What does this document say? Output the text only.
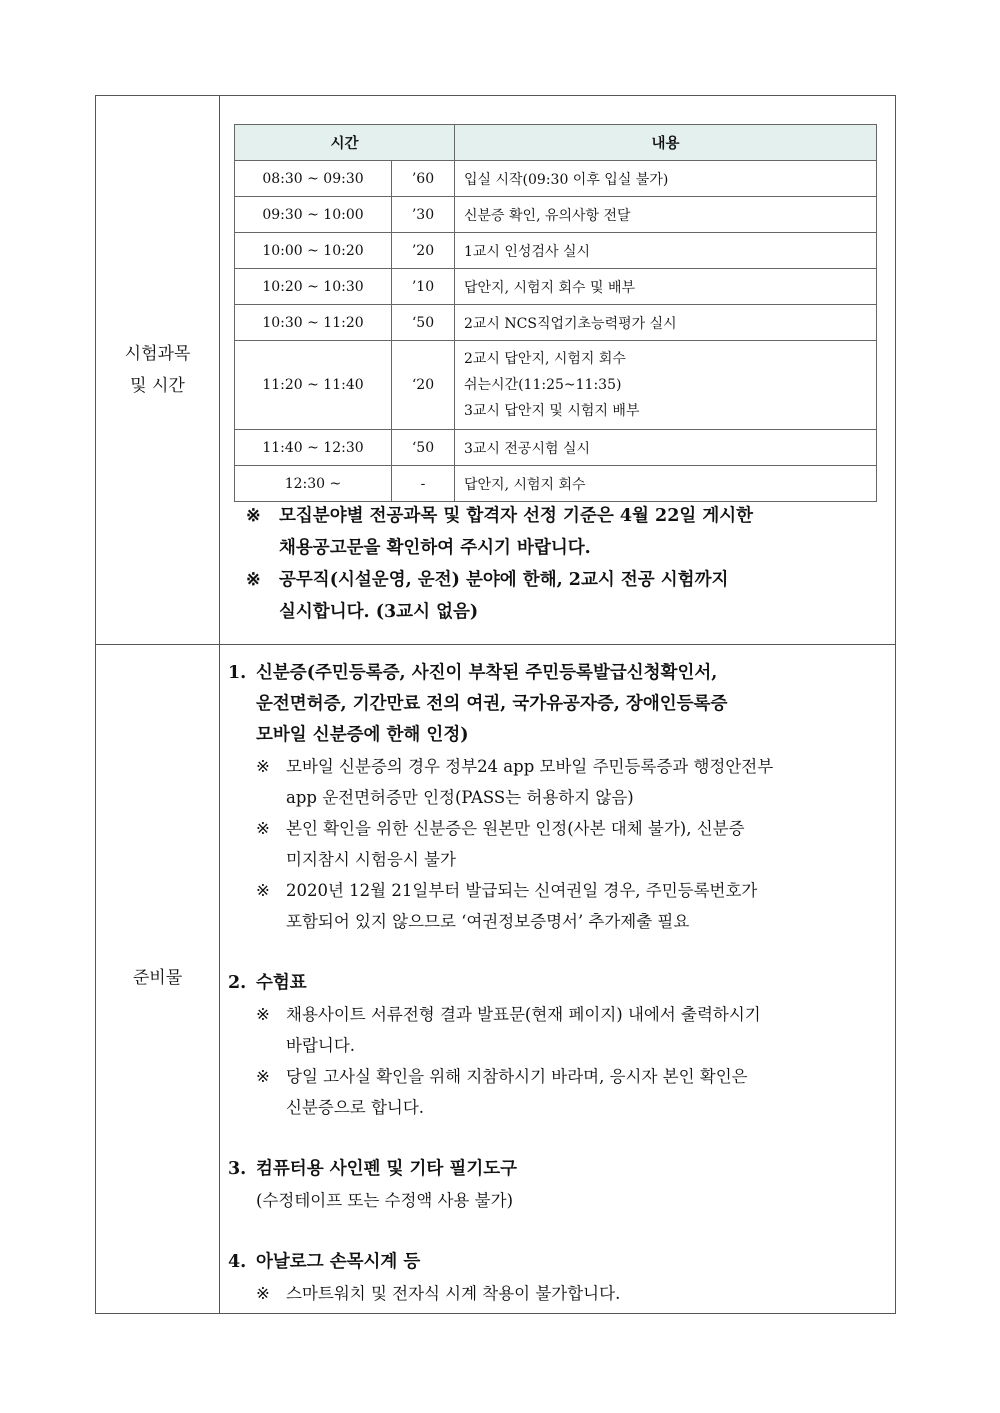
시험과목
및 시간
준비물
시간		내용
08:30 ~ 09:30	’60	입실 시작(09:30 이후 입실 불가)
09:30 ~ 10:00	’30	신분증 확인, 유의사항 전달
10:00 ~ 10:20	’20	1교시 인성검사 실시
10:20 ~ 10:30	’10	답안지, 시험지 회수 및 배부
10:30 ~ 11:20	‘50	2교시 NCS직업기초능력평가 실시
11:20 ~ 11:40	‘20	2교시 답안지, 시험지 회수
쉬는시간(11:25~11:35)
3교시 답안지 및 시험지 배부

11:40 ~ 12:30	‘50	3교시 전공시험 실시
12:30 ~	-	답안지, 시험지 회수
※	모집분야별 전공과목 및 합격자 선정 기준은 4월 22일 게시한
채용공고문을 확인하여 주시기 바랍니다.
※	공무직(시설운영, 운전) 분야에 한해, 2교시 전공 시험까지
실시합니다. (3교시 없음)
1. 신분증(주민등록증, 사진이 부착된 주민등록발급신청확인서,
운전면허증, 기간만료 전의 여권, 국가유공자증, 장애인등록증
모바일 신분증에 한해 인정)
※ 모바일 신분증의 경우 정부24 app 모바일 주민등록증과 행정안전부
app 운전면허증만 인정(PASS는 허용하지 않음)
※ 본인 확인을 위한 신분증은 원본만 인정(사본 대체 불가), 신분증
미지참시 시험응시 불가
※ 2020년 12월 21일부터 발급되는 신여권일 경우, 주민등록번호가
포함되어 있지 않으므로 ‘여권정보증명서’ 추가제출 필요
2. 수험표
※ 채용사이트 서류전형 결과 발표문(현재 페이지) 내에서 출력하시기
바랍니다.
※ 당일 고사실 확인을 위해 지참하시기 바라며, 응시자 본인 확인은
신분증으로 합니다.
3. 컴퓨터용 사인펜 및 기타 필기도구
(수정테이프 또는 수정액 사용 불가)
4. 아날로그 손목시계 등
※ 스마트워치 및 전자식 시계 착용이 불가합니다.
